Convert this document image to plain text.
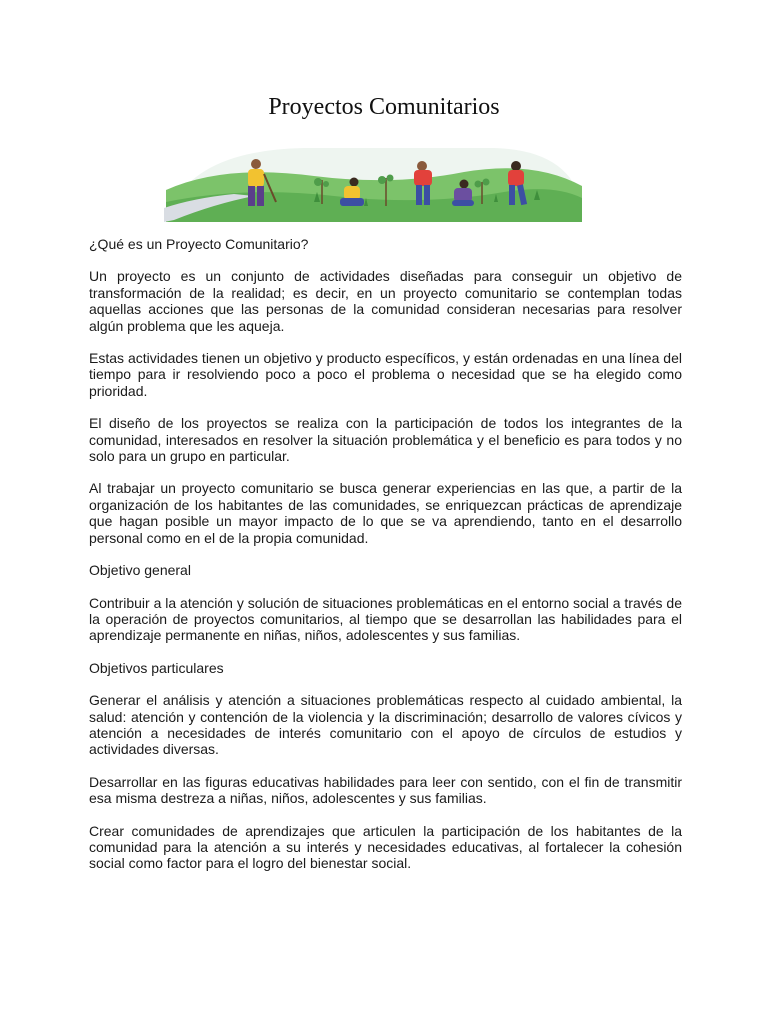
Proyectos Comunitarios

¿Qué es un Proyecto Comunitario?

Un proyecto es un conjunto de actividades diseñadas para conseguir un objetivo de transformación de la realidad; es decir, en un proyecto comunitario se contemplan todas aquellas acciones que las personas de la comunidad consideran necesarias para resolver algún problema que les aqueja.

Estas actividades tienen un objetivo y producto específicos, y están ordenadas en una línea del tiempo para ir resolviendo poco a poco el problema o necesidad que se ha elegido como prioridad.

El diseño de los proyectos se realiza con la participación de todos los integrantes de la comunidad, interesados en resolver la situación problemática y el beneficio es para todos y no solo para un grupo en particular.

Al trabajar un proyecto comunitario se busca generar experiencias en las que, a partir de la organización de los habitantes de las comunidades, se enriquezcan prácticas de aprendizaje que hagan posible un mayor impacto de lo que se va aprendiendo, tanto en el desarrollo personal como en el de la propia comunidad.

Objetivo general

Contribuir a la atención y solución de situaciones problemáticas en el entorno social a través de la operación de proyectos comunitarios, al tiempo que se desarrollan las habilidades para el aprendizaje permanente en niñas, niños, adolescentes y sus familias.

Objetivos particulares

Generar el análisis y atención a situaciones problemáticas respecto al cuidado ambiental, la salud: atención y contención de la violencia y la discriminación; desarrollo de valores cívicos y atención a necesidades de interés comunitario con el apoyo de círculos de estudios y actividades diversas.

Desarrollar en las figuras educativas habilidades para leer con sentido, con el fin de transmitir esa misma destreza a niñas, niños, adolescentes y sus familias.

Crear comunidades de aprendizajes que articulen la participación de los habitantes de la comunidad para la atención a su interés y necesidades educativas, al fortalecer la cohesión social como factor para el logro del bienestar social.
